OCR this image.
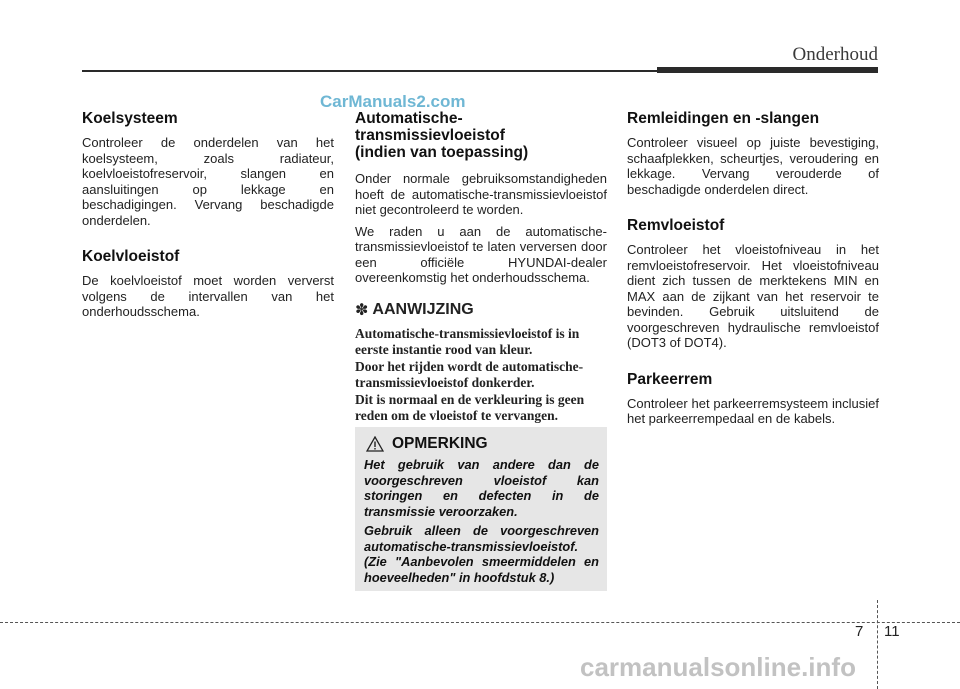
Onderhoud
CarManuals2.com
Koelsysteem

Controleer de onderdelen van het koelsysteem, zoals radiateur, koelvloeistofreservoir, slangen en aansluitingen op lekkage en beschadigingen. Vervang beschadigde onderdelen.

Koelvloeistof

De koelvloeistof moet worden ververst volgens de intervallen van het onderhoudsschema.

Automatische-
transmissievloeistof
(indien van toepassing)

Onder normale gebruiksomstandigheden hoeft de automatische-transmissievloeistof niet gecontroleerd te worden.

We raden u aan de automatische-transmissievloeistof te laten verversen door een officiële HYUNDAI-dealer overeenkomstig het onderhoudsschema.

✽ AANWIJZING

Automatische-transmissievloeistof is in eerste instantie rood van kleur.
Door het rijden wordt de automatische-transmissievloeistof donkerder.
Dit is normaal en de verkleuring is geen reden om de vloeistof te vervangen.

OPMERKING

Het gebruik van andere dan de voorgeschreven vloeistof kan storingen en defecten in de transmissie veroorzaken.

Gebruik alleen de voorgeschreven automatische-transmissievloeistof. (Zie "Aanbevolen smeermiddelen en hoeveelheden" in hoofdstuk 8.)

Remleidingen en -slangen

Controleer visueel op juiste bevestiging, schaafplekken, scheurtjes, veroudering en lekkage. Vervang verouderde of beschadigde onderdelen direct.

Remvloeistof

Controleer het vloeistofniveau in het remvloeistofreservoir. Het vloeistofniveau dient zich tussen de merktekens MIN en MAX aan de zijkant van het reservoir te bevinden. Gebruik uitsluitend de voorgeschreven hydraulische remvloeistof (DOT3 of DOT4).

Parkeerrem

Controleer het parkeerremsysteem inclusief het parkeerrempedaal en de kabels.

7 11
carmanualsonline.info
